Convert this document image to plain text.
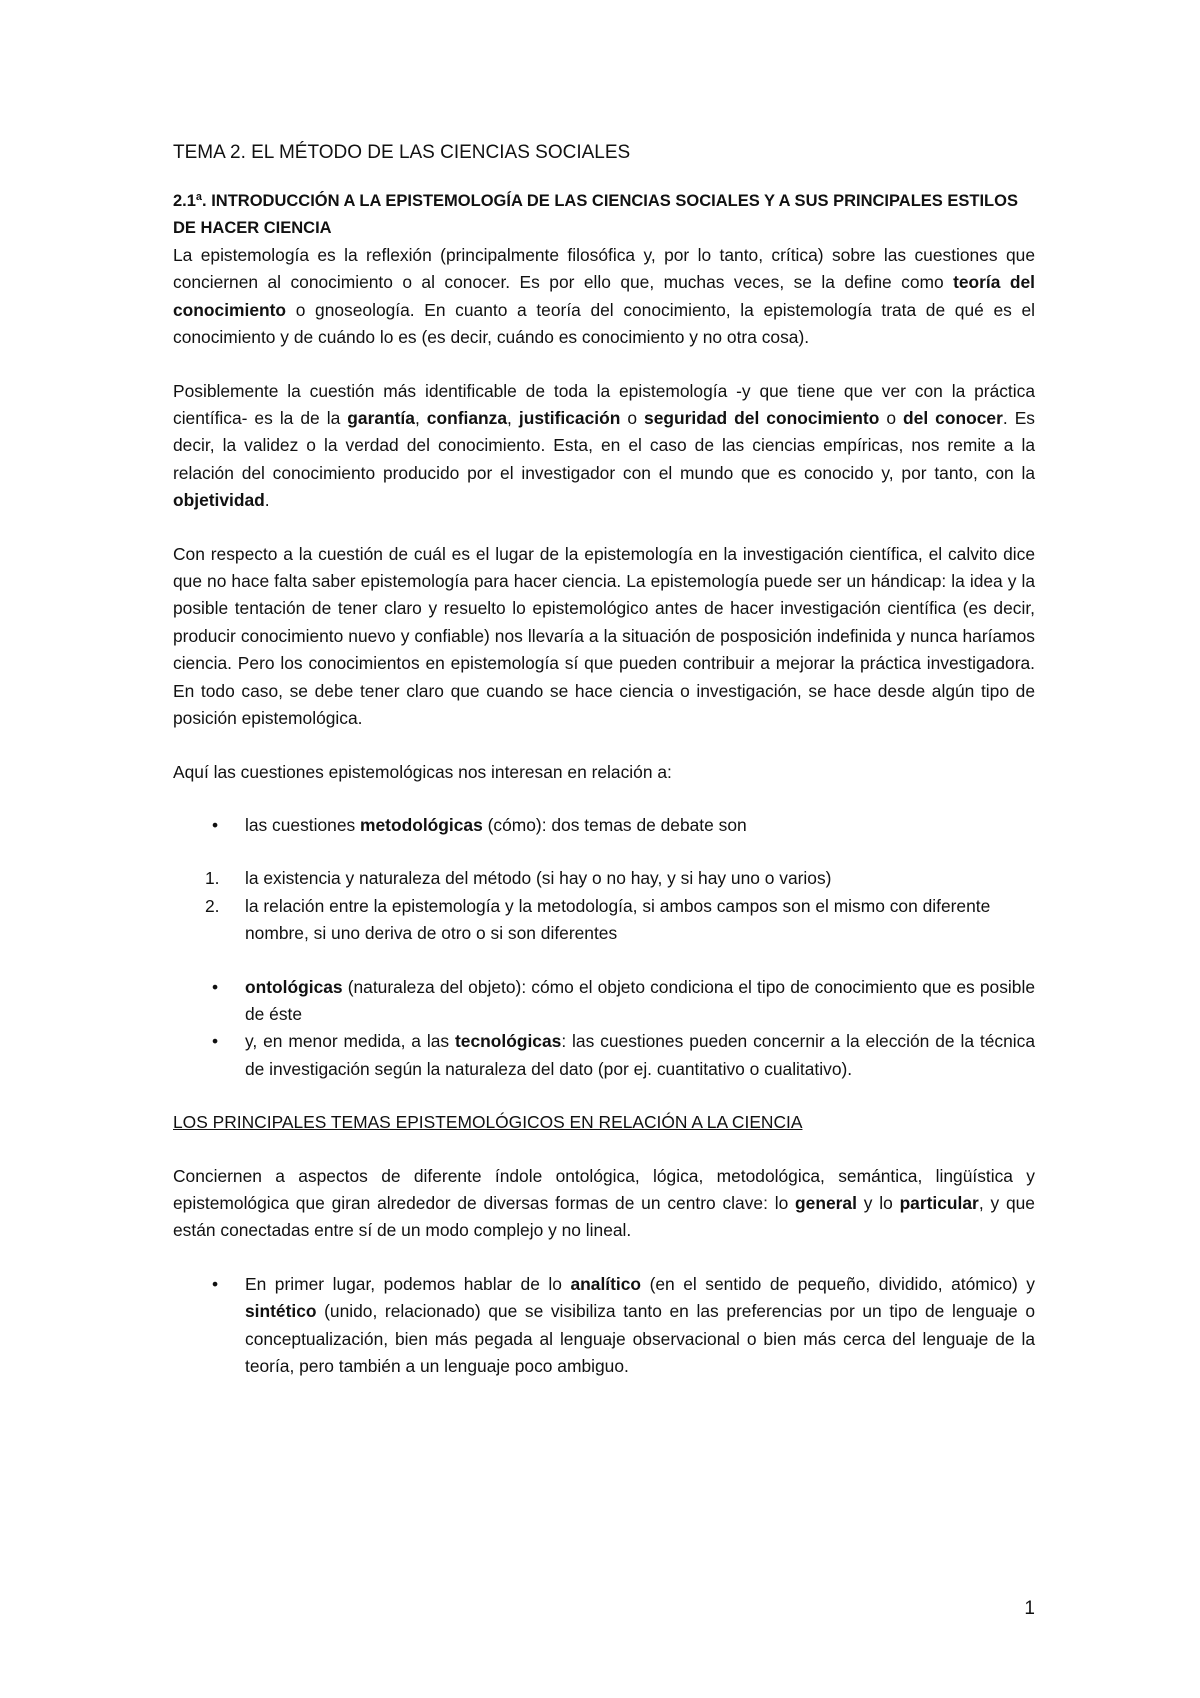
TEMA 2. EL MÉTODO DE LAS CIENCIAS SOCIALES

2.1ª. INTRODUCCIÓN A LA EPISTEMOLOGÍA DE LAS CIENCIAS SOCIALES Y A SUS PRINCIPALES ESTILOS DE HACER CIENCIA

La epistemología es la reflexión (principalmente filosófica y, por lo tanto, crítica) sobre las cuestiones que conciernen al conocimiento o al conocer. Es por ello que, muchas veces, se la define como teoría del conocimiento o gnoseología. En cuanto a teoría del conocimiento, la epistemología trata de qué es el conocimiento y de cuándo lo es (es decir, cuándo es conocimiento y no otra cosa).

Posiblemente la cuestión más identificable de toda la epistemología -y que tiene que ver con la práctica científica- es la de la garantía, confianza, justificación o seguridad del conocimiento o del conocer. Es decir, la validez o la verdad del conocimiento. Esta, en el caso de las ciencias empíricas, nos remite a la relación del conocimiento producido por el investigador con el mundo que es conocido y, por tanto, con la objetividad.

Con respecto a la cuestión de cuál es el lugar de la epistemología en la investigación científica, el calvito dice que no hace falta saber epistemología para hacer ciencia. La epistemología puede ser un hándicap: la idea y la posible tentación de tener claro y resuelto lo epistemológico antes de hacer investigación científica (es decir, producir conocimiento nuevo y confiable) nos llevaría a la situación de posposición indefinida y nunca haríamos ciencia. Pero los conocimientos en epistemología sí que pueden contribuir a mejorar la práctica investigadora. En todo caso, se debe tener claro que cuando se hace ciencia o investigación, se hace desde algún tipo de posición epistemológica.

Aquí las cuestiones epistemológicas nos interesan en relación a:

•	las cuestiones metodológicas (cómo): dos temas de debate son
1. la existencia y naturaleza del método (si hay o no hay, y si hay uno o varios)
2. la relación entre la epistemología y la metodología, si ambos campos son el mismo con diferente nombre, si uno deriva de otro o si son diferentes
•	ontológicas (naturaleza del objeto): cómo el objeto condiciona el tipo de conocimiento que es posible de éste
•	y, en menor medida, a las tecnológicas: las cuestiones pueden concernir a la elección de la técnica de investigación según la naturaleza del dato (por ej. cuantitativo o cualitativo).

LOS PRINCIPALES TEMAS EPISTEMOLÓGICOS EN RELACIÓN A LA CIENCIA

Conciernen a aspectos de diferente índole ontológica, lógica, metodológica, semántica, lingüística y epistemológica que giran alrededor de diversas formas de un centro clave: lo general y lo particular, y que están conectadas entre sí de un modo complejo y no lineal.

•	En primer lugar, podemos hablar de lo analítico (en el sentido de pequeño, dividido, atómico) y sintético (unido, relacionado) que se visibiliza tanto en las preferencias por un tipo de lenguaje o conceptualización, bien más pegada al lenguaje observacional o bien más cerca del lenguaje de la teoría, pero también a un lenguaje poco ambiguo.
1
